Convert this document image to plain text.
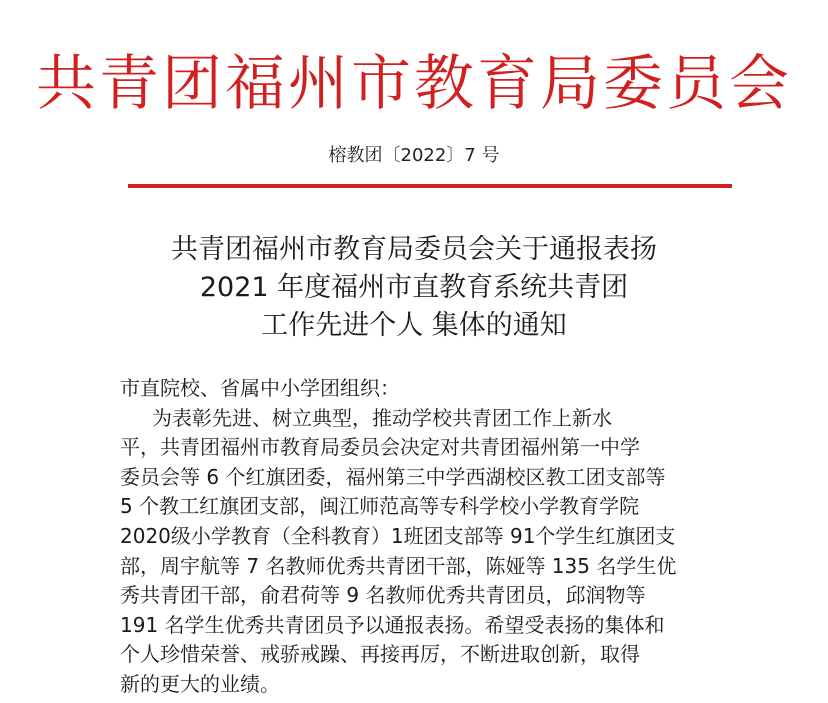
共青团福州市教育局委员会
榕教团〔2022〕7 号
共青团福州市教育局委员会关于通报表扬
2021 年度福州市直教育系统共青团
工作先进个人 集体的通知
市直院校、省属中小学团组织：
为表彰先进、树立典型，推动学校共青团工作上新水
平，共青团福州市教育局委员会决定对共青团福州第一中学
委员会等 6 个红旗团委，福州第三中学西湖校区教工团支部等
5 个教工红旗团支部，闽江师范高等专科学校小学教育学院
2020级小学教育（全科教育）1班团支部等 91个学生红旗团支
部，周宇航等 7 名教师优秀共青团干部，陈娅等 135 名学生优
秀共青团干部，俞君荷等 9 名教师优秀共青团员，邱润物等
191 名学生优秀共青团员予以通报表扬。希望受表扬的集体和
个人珍惜荣誉、戒骄戒躁、再接再厉，不断进取创新，取得
新的更大的业绩。
